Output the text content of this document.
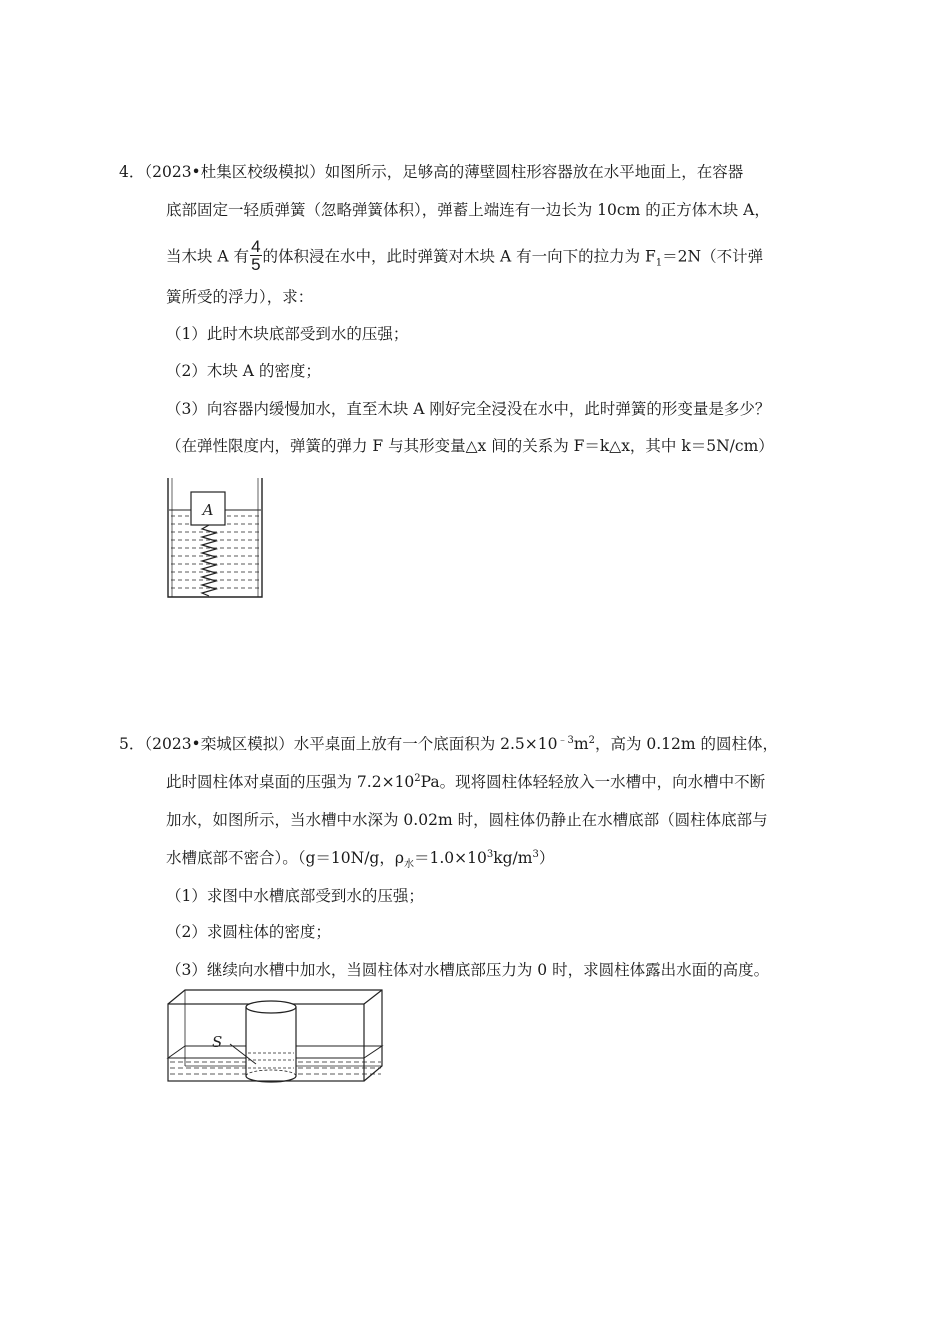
4．（2023•杜集区校级模拟）如图所示，足够高的薄壁圆柱形容器放在水平地面上，在容器
底部固定一轻质弹簧（忽略弹簧体积），弹蓄上端连有一边长为 10cm 的正方体木块 A，
当木块 A 有 $\frac{4}{5}$ 的体积浸在水中，此时弹簧对木块 A 有一向下的拉力为 $F_1=2N$（不计弹
簧所受的浮力），求：
（1）此时木块底部受到水的压强；
（2）木块 A 的密度；
（3）向容器内缓慢加水，直至木块 A 刚好完全浸没在水中，此时弹簧的形变量是多少？
（在弹性限度内，弹簧的弹力 F 与其形变量△x 间的关系为 F＝k△x，其中 k＝5N/cm）
A
5．（2023•栾城区模拟）水平桌面上放有一个底面积为 $2.5\times 10^{﹣3}m^2$，高为 0.12m 的圆柱体，
此时圆柱体对桌面的压强为 $7.2\times 10^2Pa$。现将圆柱体轻轻放入一水槽中，向水槽中不断
加水，如图所示，当水槽中水深为 0.02m 时，圆柱体仍静止在水槽底部（圆柱体底部与
水槽底部不密合）。（g＝10N/g，$\rho_水=1.0\times 10^3kg/m^3$）
（1）求图中水槽底部受到水的压强；
（2）求圆柱体的密度；
（3）继续向水槽中加水，当圆柱体对水槽底部压力为 0 时，求圆柱体露出水面的高度。
S
